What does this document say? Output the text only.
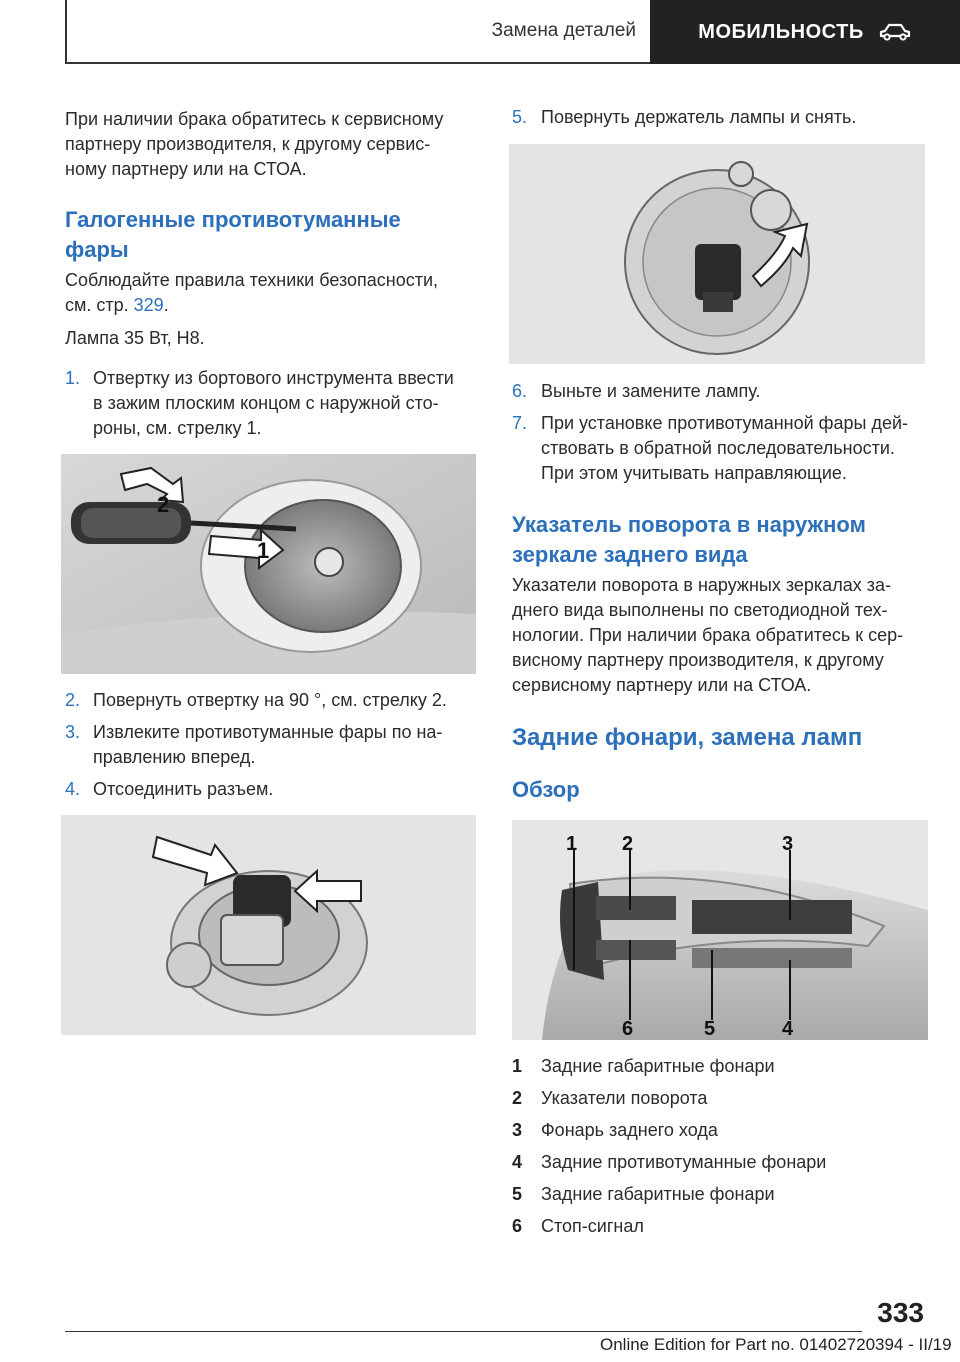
Замена деталей	МОБИЛЬНОСТЬ
При наличии брака обратитесь к сервисному
партнеру производителя, к другому сервис-
ному партнеру или на СТОА.
Галогенные противотуманные
фары
Соблюдайте правила техники безопасности,
см. стр. 329.
Лампа 35 Вт, H8.
1. Отвертку из бортового инструмента ввести
в зажим плоским концом с наружной сто-
роны, см. стрелку 1.
2
1
2. Повернуть отвертку на 90 °, см. стрелку 2.
3. Извлеките противотуманные фары по на-
правлению вперед.
4. Отсоединить разъем.
5. Повернуть держатель лампы и снять.
6. Выньте и замените лампу.
7. При установке противотуманной фары дей-
ствовать в обратной последовательности.
При этом учитывать направляющие.
Указатель поворота в наружном
зеркале заднего вида
Указатели поворота в наружных зеркалах за-
днего вида выполнены по светодиодной тех-
нологии. При наличии брака обратитесь к сер-
висному партнеру производителя, к другому
сервисному партнеру или на СТОА.
Задние фонари, замена ламп
Обзор
1 2	3
6	5	4
1 Задние габаритные фонари
2 Указатели поворота
3 Фонарь заднего хода
4 Задние противотуманные фонари
5 Задние габаритные фонари
6 Стоп-сигнал
333
Online Edition for Part no. 01402720394 - II/19
